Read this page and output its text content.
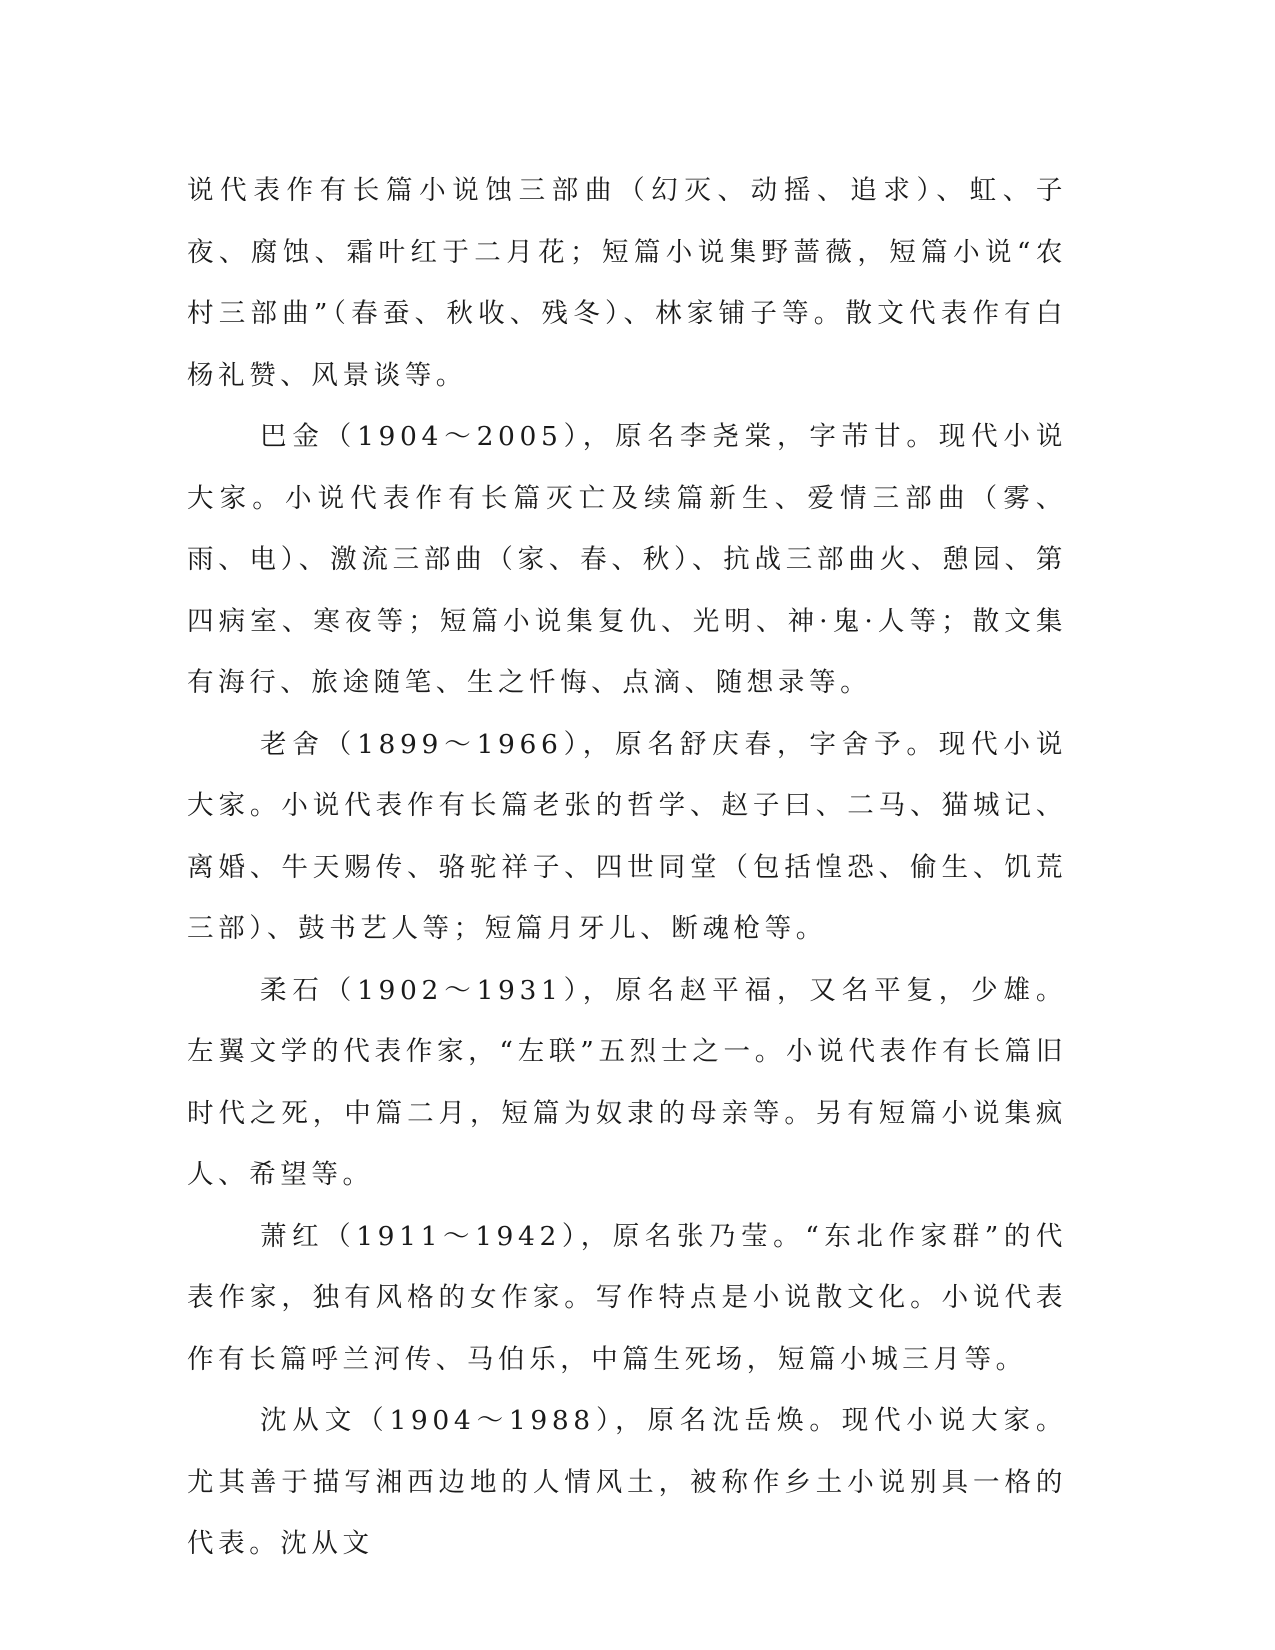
说代表作有长篇小说蚀三部曲（幻灭、动摇、追求）、虹、子夜、腐蚀、霜叶红于二月花；短篇小说集野蔷薇，短篇小说“农村三部曲”（春蚕、秋收、残冬）、林家铺子等。散文代表作有白杨礼赞、风景谈等。

巴金（1904～2005），原名李尧棠，字芾甘。现代小说大家。小说代表作有长篇灭亡及续篇新生、爱情三部曲（雾、雨、电）、激流三部曲（家、春、秋）、抗战三部曲火、憩园、第四病室、寒夜等；短篇小说集复仇、光明、神·鬼·人等；散文集有海行、旅途随笔、生之忏悔、点滴、随想录等。

老舍（1899～1966），原名舒庆春，字舍予。现代小说大家。小说代表作有长篇老张的哲学、赵子曰、二马、猫城记、离婚、牛天赐传、骆驼祥子、四世同堂（包括惶恐、偷生、饥荒三部）、鼓书艺人等；短篇月牙儿、断魂枪等。

柔石（1902～1931），原名赵平福，又名平复，少雄。左翼文学的代表作家，“左联”五烈士之一。小说代表作有长篇旧时代之死，中篇二月，短篇为奴隶的母亲等。另有短篇小说集疯人、希望等。

萧红（1911～1942），原名张乃莹。“东北作家群”的代表作家，独有风格的女作家。写作特点是小说散文化。小说代表作有长篇呼兰河传、马伯乐，中篇生死场，短篇小城三月等。

沈从文（1904～1988），原名沈岳焕。现代小说大家。尤其善于描写湘西边地的人情风土，被称作乡土小说别具一格的代表。沈从文
